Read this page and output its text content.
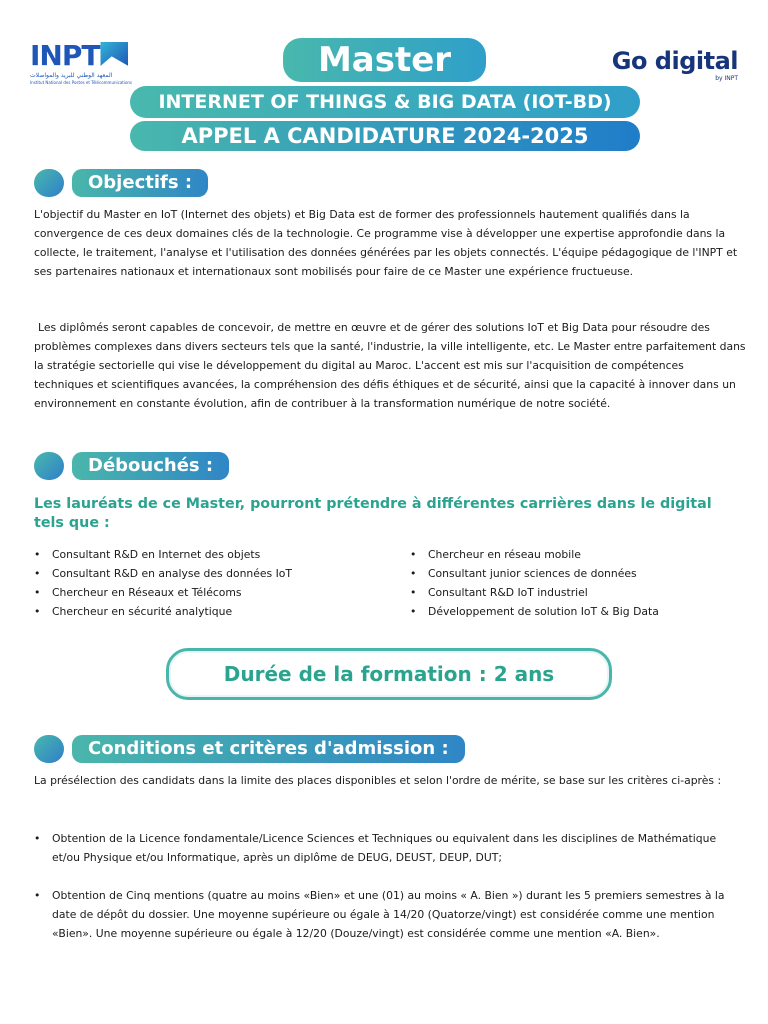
INPT
المعهد الوطني للبريد والمواصلات
Institut National des Postes et Télécommunications
Go digital
by INPT
Master
INTERNET OF THINGS & BIG DATA (IOT-BD)
APPEL A CANDIDATURE 2024-2025
Objectifs :

L'objectif du Master en IoT (Internet des objets) et Big Data est de former des professionnels hautement qualifiés dans la convergence de ces deux domaines clés de la technologie. Ce programme vise à développer une expertise approfondie dans la collecte, le traitement, l'analyse et l'utilisation des données générées par les objets connectés. L'équipe pédagogique de l'INPT et ses partenaires nationaux et internationaux sont mobilisés pour faire de ce Master une expérience fructueuse.

Les diplômés seront capables de concevoir, de mettre en œuvre et de gérer des solutions IoT et Big Data pour résoudre des problèmes complexes dans divers secteurs tels que la santé, l'industrie, la ville intelligente, etc. Le Master entre parfaitement dans la stratégie sectorielle qui vise le développement du digital au Maroc. L'accent est mis sur l'acquisition de compétences techniques et scientifiques avancées, la compréhension des défis éthiques et de sécurité, ainsi que la capacité à innover dans un environnement en constante évolution, afin de contribuer à la transformation numérique de notre société.

Débouchés :

Les lauréats de ce Master, pourront prétendre à différentes carrières dans le digital tels que :

• Consultant R&D en Internet des objets
• Consultant R&D en analyse des données IoT
• Chercheur en Réseaux et Télécoms
• Chercheur en sécurité analytique
• Chercheur en réseau mobile
• Consultant junior sciences de données
• Consultant R&D IoT industriel
• Développement de solution IoT & Big Data
Durée de la formation : 2 ans
Conditions et critères d'admission :

La présélection des candidats dans la limite des places disponibles et selon l'ordre de mérite, se base sur les critères ci-après :

• Obtention de la Licence fondamentale/Licence Sciences et Techniques ou equivalent dans les disciplines de Mathématique et/ou Physique et/ou Informatique, après un diplôme de DEUG, DEUST, DEUP, DUT;
• Obtention de Cinq mentions (quatre au moins «Bien» et une (01) au moins « A. Bien ») durant les 5 premiers semestres à la date de dépôt du dossier. Une moyenne supérieure ou égale à 14/20 (Quatorze/vingt) est considérée comme une mention «Bien». Une moyenne supérieure ou égale à 12/20 (Douze/vingt) est considérée comme une mention «A. Bien».
